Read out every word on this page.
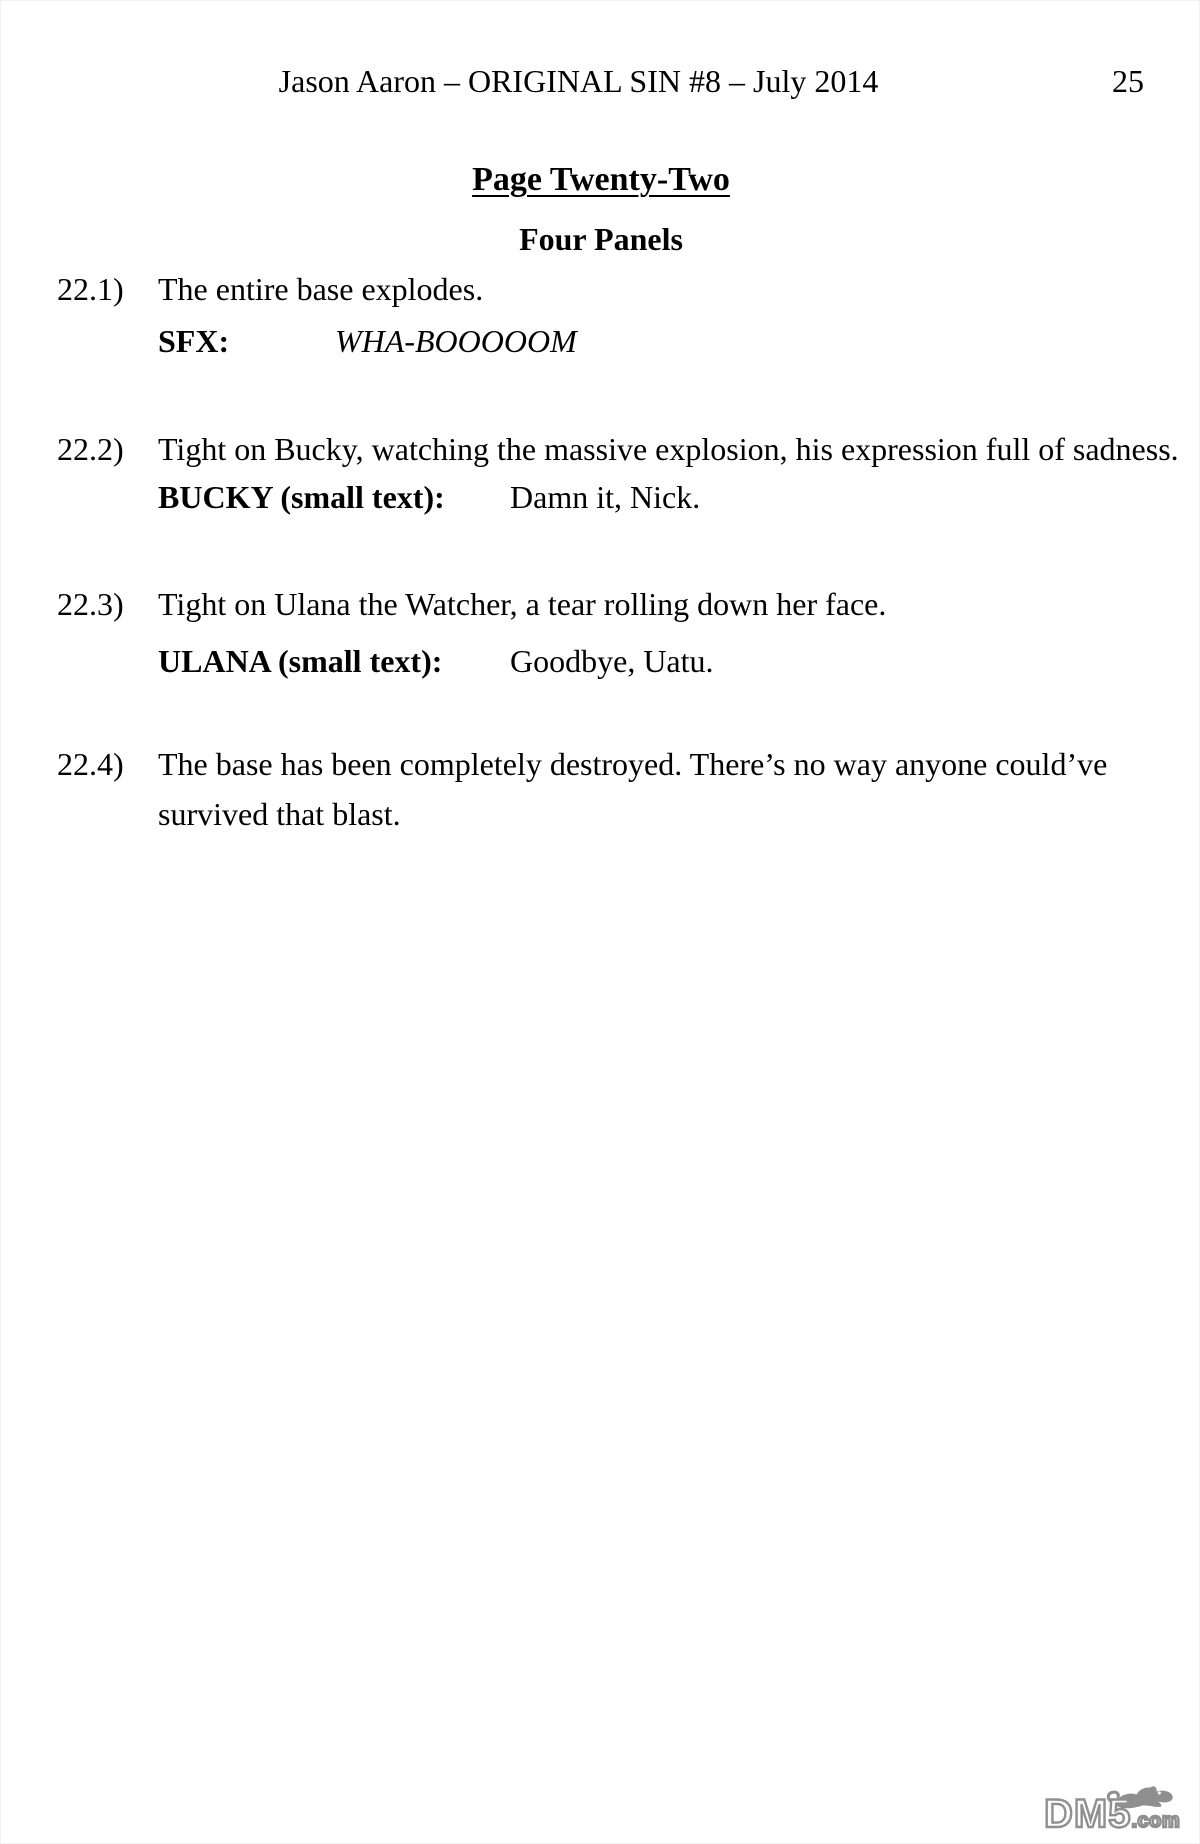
Jason Aaron – ORIGINAL SIN #8 – July 2014	25
Page Twenty-Two
Four Panels
22.1) The entire base explodes.
SFX:	WHA-BOOOOOM
22.2) Tight on Bucky, watching the massive explosion, his expression full of sadness.
BUCKY (small text): Damn it, Nick.
22.3) Tight on Ulana the Watcher, a tear rolling down her face.
ULANA (small text): Goodbye, Uatu.
22.4) The base has been completely destroyed. There’s no way anyone could’ve
survived that blast.
DM5 .com
